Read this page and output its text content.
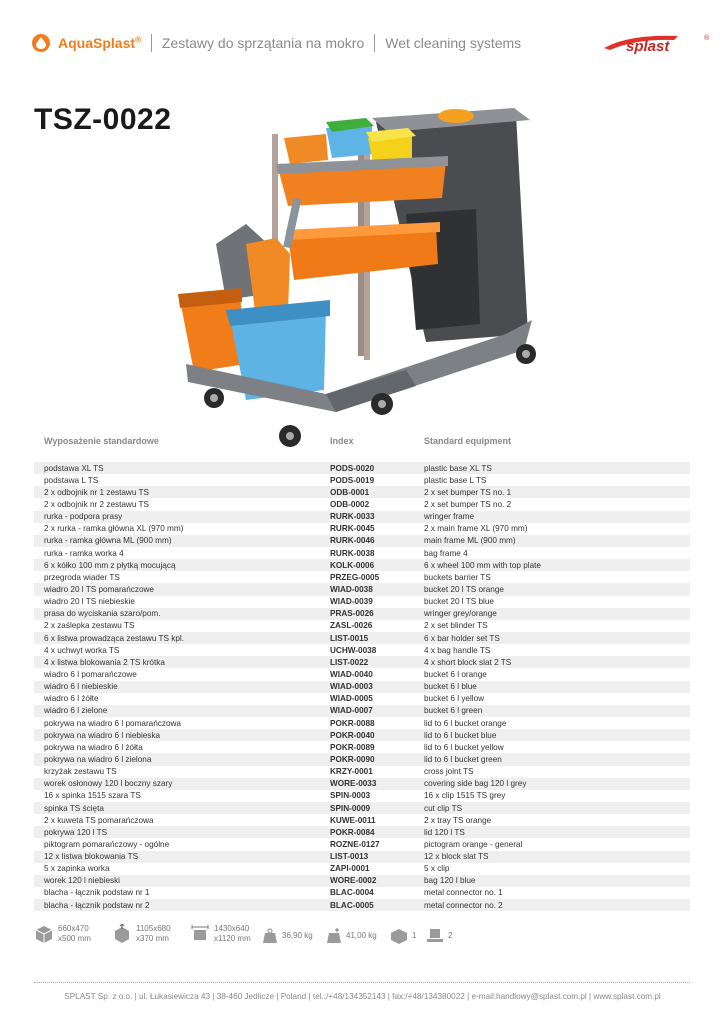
AquaSplast® Zestawy do sprzątania na mokro Wet cleaning systems	splast	®
TSZ-0022
Wyposażenie standardowe	Index	Standard equipment
podstawa XL TS	PODS-0020	plastic base XL TS
podstawa L TS	PODS-0019	plastic base L TS
2 x odbojnik nr 1 zestawu TS	ODB-0001	2 x set bumper TS no. 1
2 x odbojnik nr 2 zestawu TS	ODB-0002	2 x set bumper TS no. 2
rurka - podpora prasy	RURK-0033	wringer frame
2 x rurka - ramka główna XL (970 mm)	RURK-0045	2 x main frame XL (970 mm)
rurka - ramka główna ML (900 mm)	RURK-0046	main frame ML (900 mm)
rurka - ramka worka 4	RURK-0038	bag frame 4
6 x kółko 100 mm z płytką mocującą	KOLK-0006	6 x wheel 100 mm with top plate
przegroda wiader TS	PRZEG-0005	buckets barrier TS
wiadro 20 l TS pomarańczowe	WIAD-0038	bucket 20 l TS orange
wiadro 20 l TS niebieskie	WIAD-0039	bucket 20 l TS blue
prasa do wyciskania szaro/pom.	PRAS-0026	wringer grey/orange
2 x zaślepka zestawu TS	ZASL-0026	2 x set blinder TS
6 x listwa prowadząca zestawu TS kpl.	LIST-0015	6 x bar holder set TS
4 x uchwyt worka TS	UCHW-0038	4 x bag handle TS
4 x listwa blokowania 2 TS krótka	LIST-0022	4 x short block slat 2 TS
wiadro 6 l pomarańczowe	WIAD-0040	bucket 6 l orange
wiadro 6 l niebieskie	WIAD-0003	bucket 6 l blue
wiadro 6 l żółte	WIAD-0005	bucket 6 l yellow
wiadro 6 l zielone	WIAD-0007	bucket 6 l green
pokrywa na wiadro 6 l pomarańczowa	POKR-0088	lid to 6 l bucket orange
pokrywa na wiadro 6 l niebieska	POKR-0040	lid to 6 l bucket blue
pokrywa na wiadro 6 l żółta	POKR-0089	lid to 6 l bucket yellow
pokrywa na wiadro 6 l zielona	POKR-0090	lid to 6 l bucket green
krzyżak zestawu TS	KRZY-0001	cross joint TS
worek osłonowy 120 l boczny szary	WORE-0033	covering side bag 120 l grey
16 x spinka 1515 szara TS	SPIN-0003	16 x clip 1515 TS grey
spinka TS ścięta	SPIN-0009	cut clip TS
2 x kuweta TS pomarańczowa	KUWE-0011	2 x tray TS orange
pokrywa 120 l TS	POKR-0084	lid 120 l TS
piktogram pomarańczowy - ogólne	ROZNE-0127	pictogram orange - general
12 x listwa blokowania TS	LIST-0013	12 x block slat TS
5 x zapinka worka	ZAPI-0001	5 x clip
worek 120 l niebieski	WORE-0002	bag 120 l blue
blacha - łącznik podstaw nr 1	BLAC-0004	metal connector no. 1
blacha - łącznik podstaw nr 2	BLAC-0005	metal connector no. 2
660x470
x500 mm
1105x680
x370 mm
1430x640
x1120 mm	36,90 kg	41,00 kg	1	2
SPLAST Sp. z o.o. | ul. Łukasiewicza 43 | 38-460 Jedlicze | Poland | tel.:/+48/134352143 | fax:/+48/134380022 | e-mail:handlowy@splast.com.pl | www.splast.com.pl
